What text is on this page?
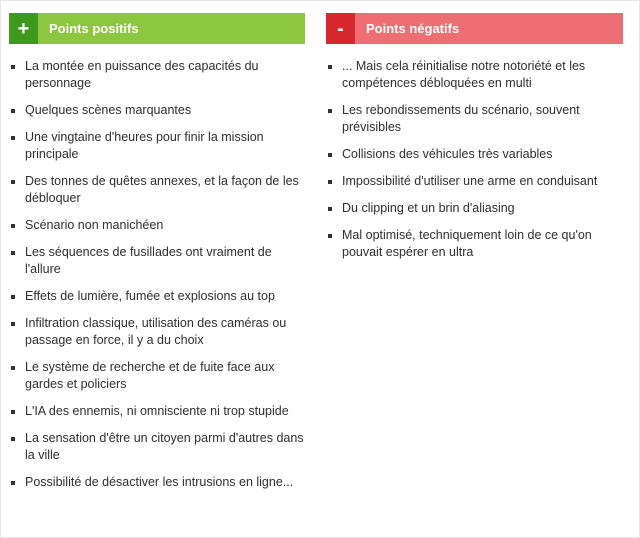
+	Points positifs
La montée en puissance des capacités du personnage
Quelques scènes marquantes
Une vingtaine d'heures pour finir la mission principale
Des tonnes de quêtes annexes, et la façon de les débloquer
Scénario non manichéen
Les séquences de fusillades ont vraiment de l'allure
Effets de lumière, fumée et explosions au top
Infiltration classique, utilisation des caméras ou passage en force, il y a du choix
Le système de recherche et de fuite face aux gardes et policiers
L'IA des ennemis, ni omnisciente ni trop stupide
La sensation d'être un citoyen parmi d'autres dans la ville
Possibilité de désactiver les intrusions en ligne...
-	Points négatifs
... Mais cela réinitialise notre notoriété et les compétences débloquées en multi
Les rebondissements du scénario, souvent prévisibles
Collisions des véhicules très variables
Impossibilité d'utiliser une arme en conduisant
Du clipping et un brin d'aliasing
Mal optimisé, techniquement loin de ce qu'on pouvait espérer en ultra
